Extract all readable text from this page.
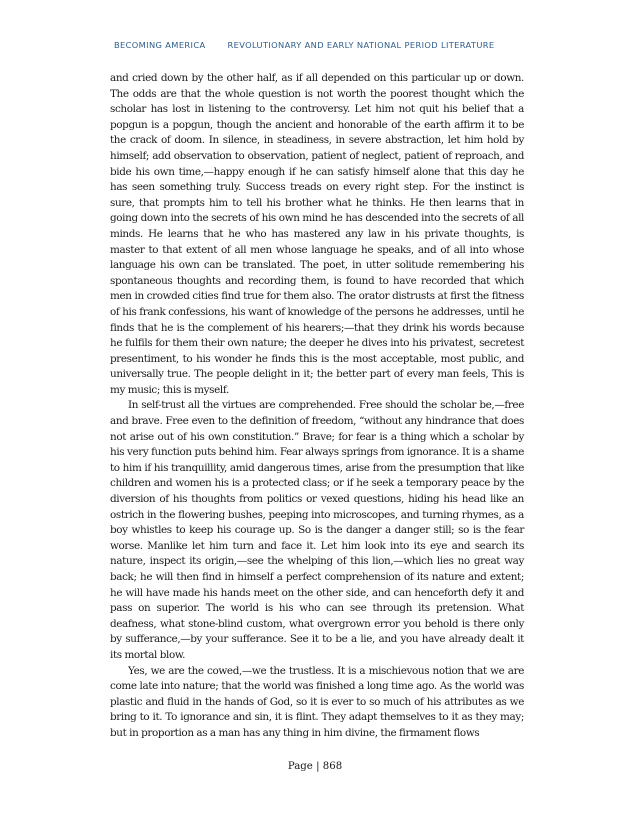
BECOMING AMERICA	REVOLUTIONARY AND EARLY NATIONAL PERIOD LITERATURE

and cried down by the other half, as if all depended on this particular up or down. The odds are that the whole question is not worth the poorest thought which the scholar has lost in listening to the controversy. Let him not quit his belief that a popgun is a popgun, though the ancient and honorable of the earth affirm it to be the crack of doom. In silence, in steadiness, in severe abstraction, let him hold by himself; add observation to observation, patient of neglect, patient of reproach, and bide his own time,—happy enough if he can satisfy himself alone that this day he has seen something truly. Success treads on every right step. For the instinct is sure, that prompts him to tell his brother what he thinks. He then learns that in going down into the secrets of his own mind he has descended into the secrets of all minds. He learns that he who has mastered any law in his private thoughts, is master to that extent of all men whose language he speaks, and of all into whose language his own can be translated. The poet, in utter solitude remembering his spontaneous thoughts and recording them, is found to have recorded that which men in crowded cities find true for them also. The orator distrusts at first the fitness of his frank confessions, his want of knowledge of the persons he addresses, until he finds that he is the complement of his hearers;—that they drink his words because he fulfils for them their own nature; the deeper he dives into his privatest, secretest presentiment, to his wonder he finds this is the most acceptable, most public, and universally true. The people delight in it; the better part of every man feels, This is my music; this is myself.

In self-trust all the virtues are comprehended. Free should the scholar be,—free and brave. Free even to the definition of freedom, “without any hindrance that does not arise out of his own constitution.” Brave; for fear is a thing which a scholar by his very function puts behind him. Fear always springs from ignorance. It is a shame to him if his tranquillity, amid dangerous times, arise from the presumption that like children and women his is a protected class; or if he seek a temporary peace by the diversion of his thoughts from politics or vexed questions, hiding his head like an ostrich in the flowering bushes, peeping into microscopes, and turning rhymes, as a boy whistles to keep his courage up. So is the danger a danger still; so is the fear worse. Manlike let him turn and face it. Let him look into its eye and search its nature, inspect its origin,—see the whelping of this lion,—which lies no great way back; he will then find in himself a perfect comprehension of its nature and extent; he will have made his hands meet on the other side, and can henceforth defy it and pass on superior. The world is his who can see through its pretension. What deafness, what stone-blind custom, what overgrown error you behold is there only by sufferance,—by your sufferance. See it to be a lie, and you have already dealt it its mortal blow.

Yes, we are the cowed,—we the trustless. It is a mischievous notion that we are come late into nature; that the world was finished a long time ago. As the world was plastic and fluid in the hands of God, so it is ever to so much of his attributes as we bring to it. To ignorance and sin, it is flint. They adapt themselves to it as they may; but in proportion as a man has any thing in him divine, the firmament flows

Page | 868
